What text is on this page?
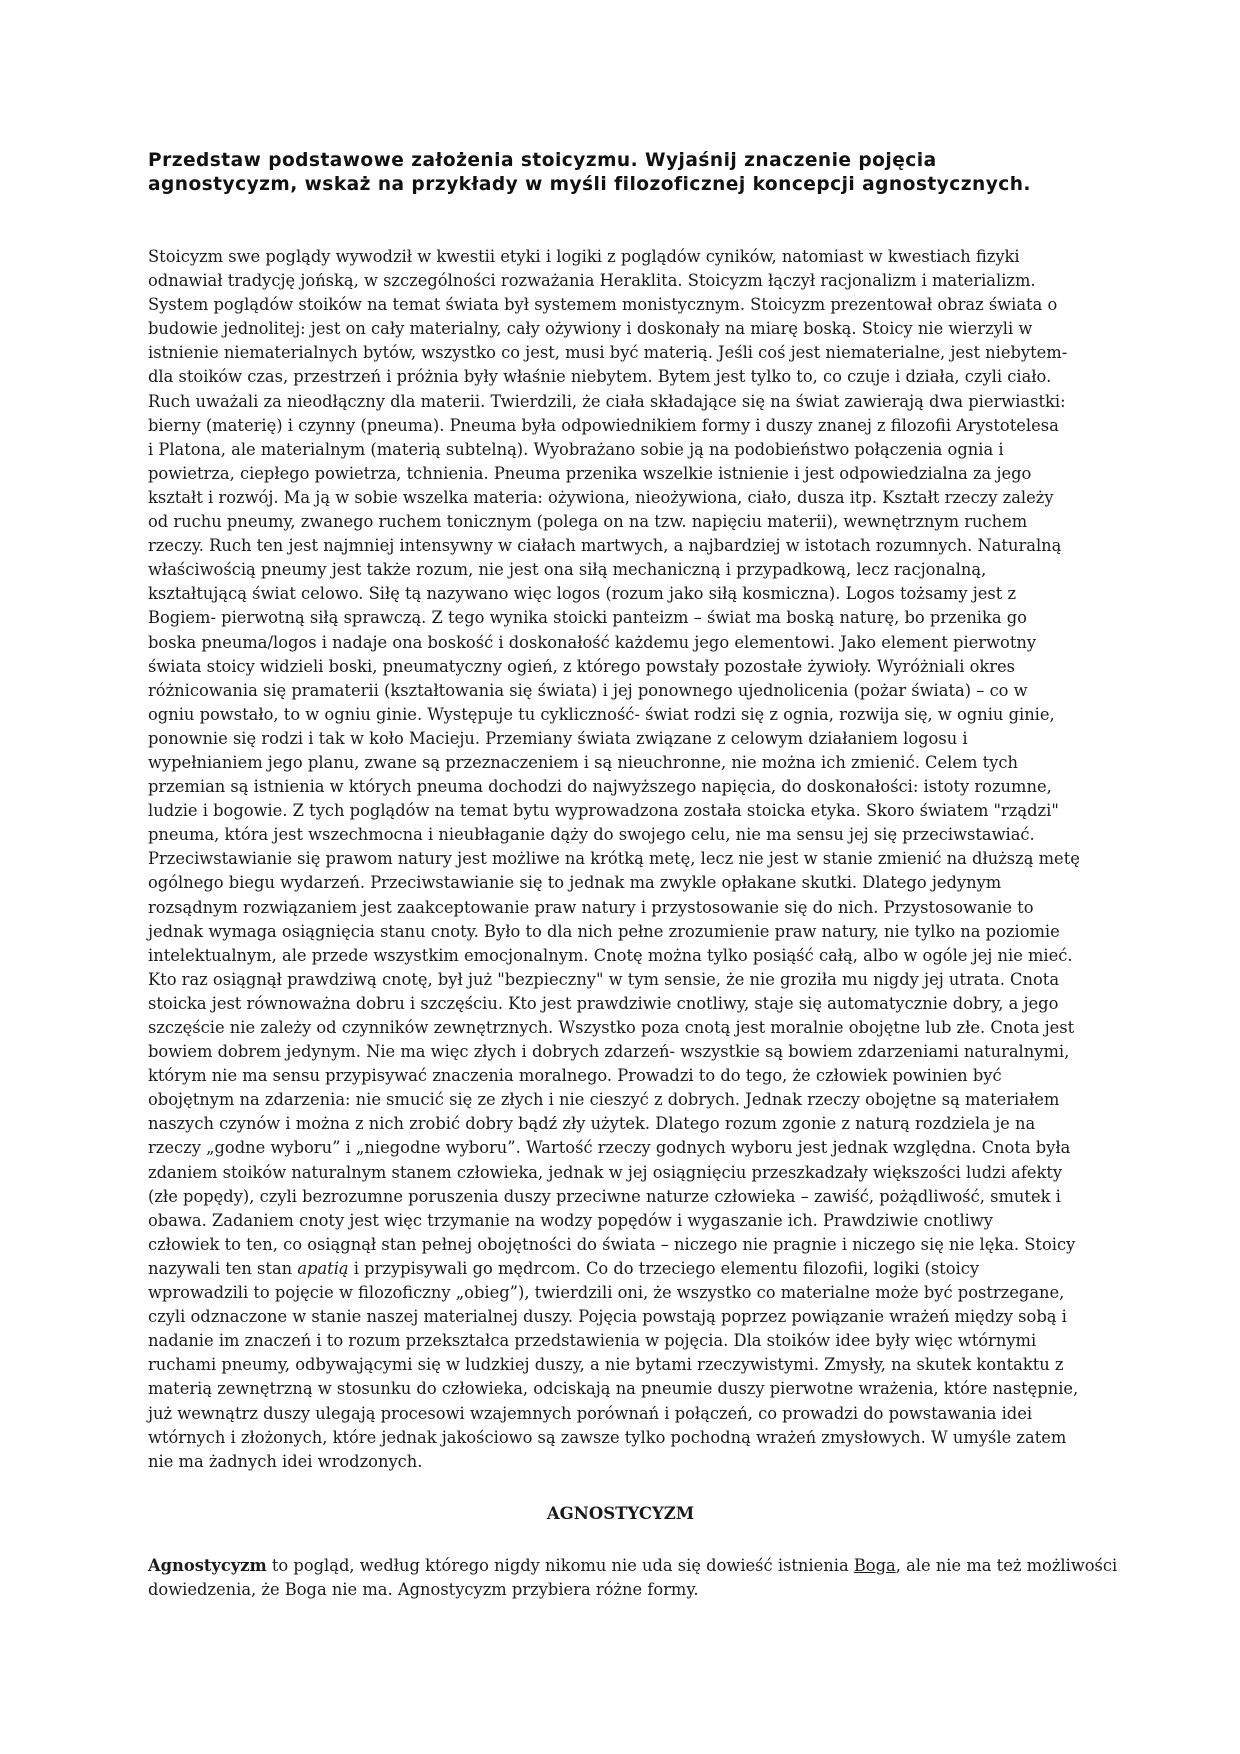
Przedstaw podstawowe założenia stoicyzmu. Wyjaśnij znaczenie pojęcia agnostycyzm, wskaż na przykłady w myśli filozoficznej koncepcji agnostycznych.
Stoicyzm swe poglądy wywodził w kwestii etyki i logiki z poglądów cyników, natomiast w kwestiach fizyki
odnawiał tradycję jońską, w szczególności rozważania Heraklita. Stoicyzm łączył racjonalizm i materializm.
System poglądów stoików na temat świata był systemem monistycznym. Stoicyzm prezentował obraz świata o
budowie jednolitej: jest on cały materialny, cały ożywiony i doskonały na miarę boską. Stoicy nie wierzyli w
istnienie niematerialnych bytów, wszystko co jest, musi być materią. Jeśli coś jest niematerialne, jest niebytem-
dla stoików czas, przestrzeń i próżnia były właśnie niebytem. Bytem jest tylko to, co czuje i działa, czyli ciało.
Ruch uważali za nieodłączny dla materii. Twierdzili, że ciała składające się na świat zawierają dwa pierwiastki:
bierny (materię) i czynny (pneuma). Pneuma była odpowiednikiem formy i duszy znanej z filozofii Arystotelesa
i Platona, ale materialnym (materią subtelną). Wyobrażano sobie ją na podobieństwo połączenia ognia i
powietrza, ciepłego powietrza, tchnienia. Pneuma przenika wszelkie istnienie i jest odpowiedzialna za jego
kształt i rozwój. Ma ją w sobie wszelka materia: ożywiona, nieożywiona, ciało, dusza itp. Kształt rzeczy zależy
od ruchu pneumy, zwanego ruchem tonicznym (polega on na tzw. napięciu materii), wewnętrznym ruchem
rzeczy. Ruch ten jest najmniej intensywny w ciałach martwych, a najbardziej w istotach rozumnych. Naturalną
właściwością pneumy jest także rozum, nie jest ona siłą mechaniczną i przypadkową, lecz racjonalną,
kształtującą świat celowo. Siłę tą nazywano więc logos (rozum jako siłą kosmiczna). Logos tożsamy jest z
Bogiem- pierwotną siłą sprawczą. Z tego wynika stoicki panteizm – świat ma boską naturę, bo przenika go
boska pneuma/logos i nadaje ona boskość i doskonałość każdemu jego elementowi. Jako element pierwotny
świata stoicy widzieli boski, pneumatyczny ogień, z którego powstały pozostałe żywioły. Wyróżniali okres
różnicowania się pramaterii (kształtowania się świata) i jej ponownego ujednolicenia (pożar świata) – co w
ogniu powstało, to w ogniu ginie. Występuje tu cykliczność- świat rodzi się z ognia, rozwija się, w ogniu ginie,
ponownie się rodzi i tak w koło Macieju. Przemiany świata związane z celowym działaniem logosu i
wypełnianiem jego planu, zwane są przeznaczeniem i są nieuchronne, nie można ich zmienić. Celem tych
przemian są istnienia w których pneuma dochodzi do najwyższego napięcia, do doskonałości: istoty rozumne,
ludzie i bogowie. Z tych poglądów na temat bytu wyprowadzona została stoicka etyka. Skoro światem "rządzi"
pneuma, która jest wszechmocna i nieubłaganie dąży do swojego celu, nie ma sensu jej się przeciwstawiać.
Przeciwstawianie się prawom natury jest możliwe na krótką metę, lecz nie jest w stanie zmienić na dłuższą metę
ogólnego biegu wydarzeń. Przeciwstawianie się to jednak ma zwykle opłakane skutki. Dlatego jedynym
rozsądnym rozwiązaniem jest zaakceptowanie praw natury i przystosowanie się do nich. Przystosowanie to
jednak wymaga osiągnięcia stanu cnoty. Było to dla nich pełne zrozumienie praw natury, nie tylko na poziomie
intelektualnym, ale przede wszystkim emocjonalnym. Cnotę można tylko posiąść całą, albo w ogóle jej nie mieć.
Kto raz osiągnął prawdziwą cnotę, był już "bezpieczny" w tym sensie, że nie groziła mu nigdy jej utrata. Cnota
stoicka jest równoważna dobru i szczęściu. Kto jest prawdziwie cnotliwy, staje się automatycznie dobry, a jego
szczęście nie zależy od czynników zewnętrznych. Wszystko poza cnotą jest moralnie obojętne lub złe. Cnota jest
bowiem dobrem jedynym. Nie ma więc złych i dobrych zdarzeń- wszystkie są bowiem zdarzeniami naturalnymi,
którym nie ma sensu przypisywać znaczenia moralnego. Prowadzi to do tego, że człowiek powinien być
obojętnym na zdarzenia: nie smucić się ze złych i nie cieszyć z dobrych. Jednak rzeczy obojętne są materiałem
naszych czynów i można z nich zrobić dobry bądź zły użytek. Dlatego rozum zgonie z naturą rozdziela je na
rzeczy „godne wyboru” i „niegodne wyboru”. Wartość rzeczy godnych wyboru jest jednak względna. Cnota była
zdaniem stoików naturalnym stanem człowieka, jednak w jej osiągnięciu przeszkadzały większości ludzi afekty
(złe popędy), czyli bezrozumne poruszenia duszy przeciwne naturze człowieka – zawiść, pożądliwość, smutek i
obawa. Zadaniem cnoty jest więc trzymanie na wodzy popędów i wygaszanie ich. Prawdziwie cnotliwy
człowiek to ten, co osiągnął stan pełnej obojętności do świata – niczego nie pragnie i niczego się nie lęka. Stoicy
nazywali ten stan apatią i przypisywali go mędrcom. Co do trzeciego elementu filozofii, logiki (stoicy
wprowadzili to pojęcie w filozoficzny „obieg”), twierdzili oni, że wszystko co materialne może być postrzegane,
czyli odznaczone w stanie naszej materialnej duszy. Pojęcia powstają poprzez powiązanie wrażeń między sobą i
nadanie im znaczeń i to rozum przekształca przedstawienia w pojęcia. Dla stoików idee były więc wtórnymi
ruchami pneumy, odbywającymi się w ludzkiej duszy, a nie bytami rzeczywistymi. Zmysły, na skutek kontaktu z
materią zewnętrzną w stosunku do człowieka, odciskają na pneumie duszy pierwotne wrażenia, które następnie,
już wewnątrz duszy ulegają procesowi wzajemnych porównań i połączeń, co prowadzi do powstawania idei
wtórnych i złożonych, które jednak jakościowo są zawsze tylko pochodną wrażeń zmysłowych. W umyśle zatem
nie ma żadnych idei wrodzonych.
AGNOSTYCYZM

Agnostycyzm to pogląd, według którego nigdy nikomu nie uda się dowieść istnienia Boga, ale nie ma też możliwości
dowiedzenia, że Boga nie ma. Agnostycyzm przybiera różne formy.
